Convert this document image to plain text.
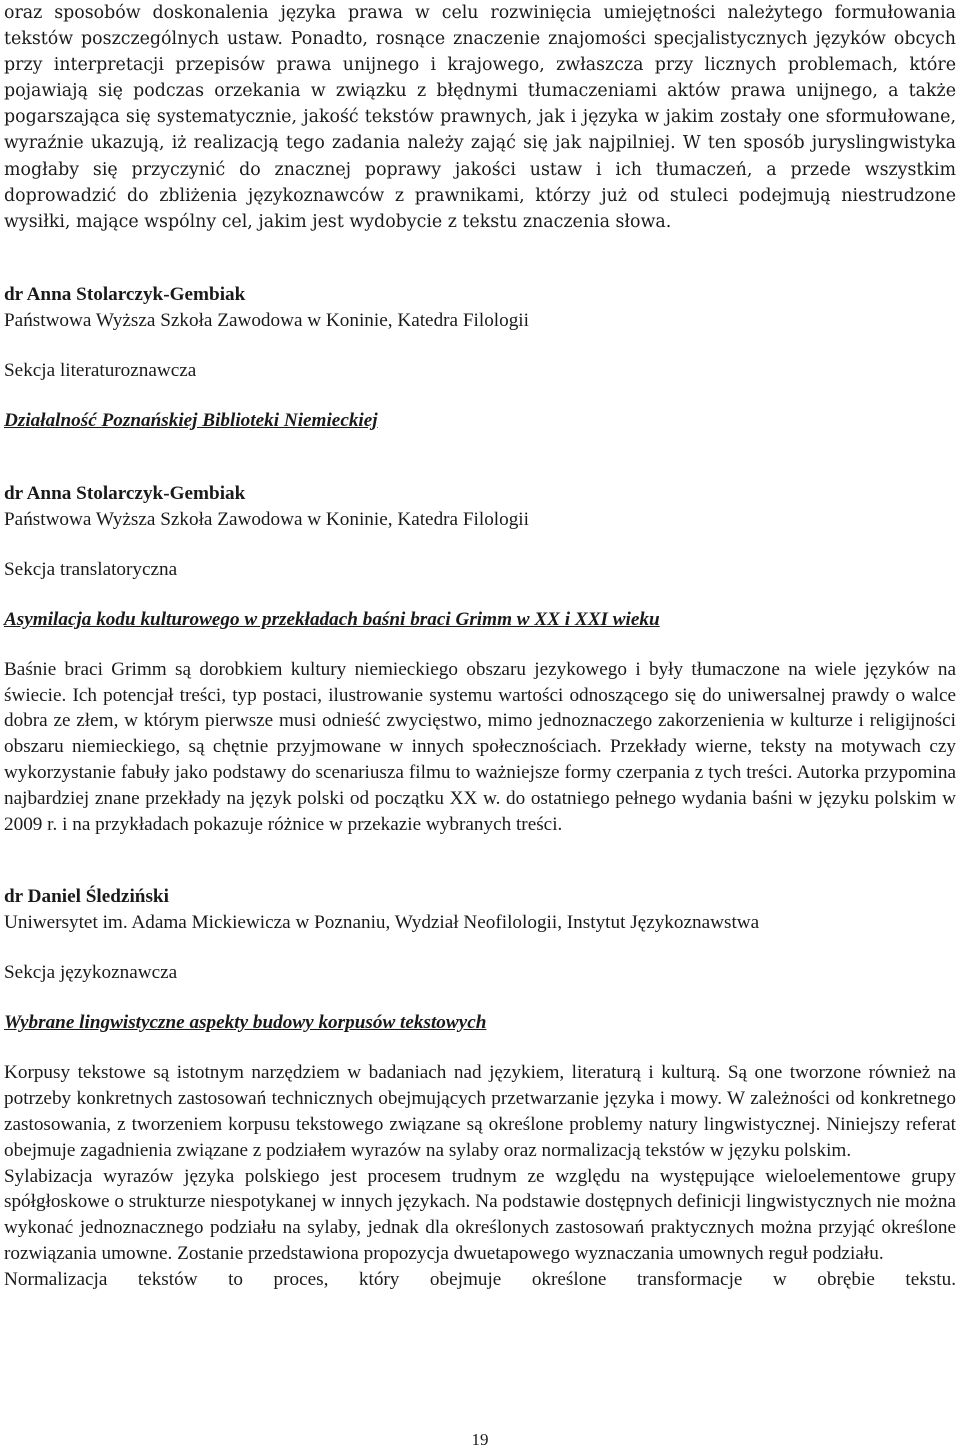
oraz sposobów doskonalenia języka prawa w celu rozwinięcia umiejętności należytego formułowania tekstów poszczególnych ustaw. Ponadto, rosnące znaczenie znajomości specjalistycznych języków obcych przy interpretacji przepisów prawa unijnego i krajowego, zwłaszcza przy licznych problemach, które pojawiają się podczas orzekania w związku z błędnymi tłumaczeniami aktów prawa unijnego, a także pogarszająca się systematycznie, jakość tekstów prawnych, jak i języka w jakim zostały one sformułowane, wyraźnie ukazują, iż realizacją tego zadania należy zająć się jak najpilniej. W ten sposób juryslingwistyka mogłaby się przyczynić do znacznej poprawy jakości ustaw i ich tłumaczeń, a przede wszystkim doprowadzić do zbliżenia językoznawców z prawnikami, którzy już od stuleci podejmują niestrudzone wysiłki, mające wspólny cel, jakim jest wydobycie z tekstu znaczenia słowa.

dr Anna Stolarczyk-Gembiak
Państwowa Wyższa Szkoła Zawodowa w Koninie, Katedra Filologii
Sekcja literaturoznawcza
Działalność Poznańskiej Biblioteki Niemieckiej
dr Anna Stolarczyk-Gembiak
Państwowa Wyższa Szkoła Zawodowa w Koninie, Katedra Filologii
Sekcja translatoryczna
Asymilacja kodu kulturowego w przekładach baśni braci Grimm w XX i XXI wieku

Baśnie braci Grimm są dorobkiem kultury niemieckiego obszaru jezykowego i były tłumaczone na wiele języków na świecie. Ich potencjał treści, typ postaci, ilustrowanie systemu wartości odnoszącego się do uniwersalnej prawdy o walce dobra ze złem, w którym pierwsze musi odnieść zwycięstwo, mimo jednoznaczego zakorzenienia w kulturze i religijności obszaru niemieckiego, są chętnie przyjmowane w innych społecznościach. Przekłady wierne, teksty na motywach czy wykorzystanie fabuły jako podstawy do scenariusza filmu to ważniejsze formy czerpania z tych treści. Autorka przypomina najbardziej znane przekłady na język polski od początku XX w. do ostatniego pełnego wydania baśni w języku polskim w 2009 r. i na przykładach pokazuje różnice w przekazie wybranych treści.

dr Daniel Śledziński
Uniwersytet im. Adama Mickiewicza w Poznaniu, Wydział Neofilologii, Instytut Językoznawstwa
Sekcja językoznawcza
Wybrane lingwistyczne aspekty budowy korpusów tekstowych

Korpusy tekstowe są istotnym narzędziem w badaniach nad językiem, literaturą i kulturą. Są one tworzone również na potrzeby konkretnych zastosowań technicznych obejmujących przetwarzanie języka i mowy. W zależności od konkretnego zastosowania, z tworzeniem korpusu tekstowego związane są określone problemy natury lingwistycznej. Niniejszy referat obejmuje zagadnienia związane z podziałem wyrazów na sylaby oraz normalizacją tekstów w języku polskim.

Sylabizacja wyrazów języka polskiego jest procesem trudnym ze względu na występujące wieloelementowe grupy spółgłoskowe o strukturze niespotykanej w innych językach. Na podstawie dostępnych definicji lingwistycznych nie można wykonać jednoznacznego podziału na sylaby, jednak dla określonych zastosowań praktycznych można przyjąć określone rozwiązania umowne. Zostanie przedstawiona propozycja dwuetapowego wyznaczania umownych reguł podziału.

Normalizacja tekstów to proces, który obejmuje określone transformacje w obrębie tekstu.

19
